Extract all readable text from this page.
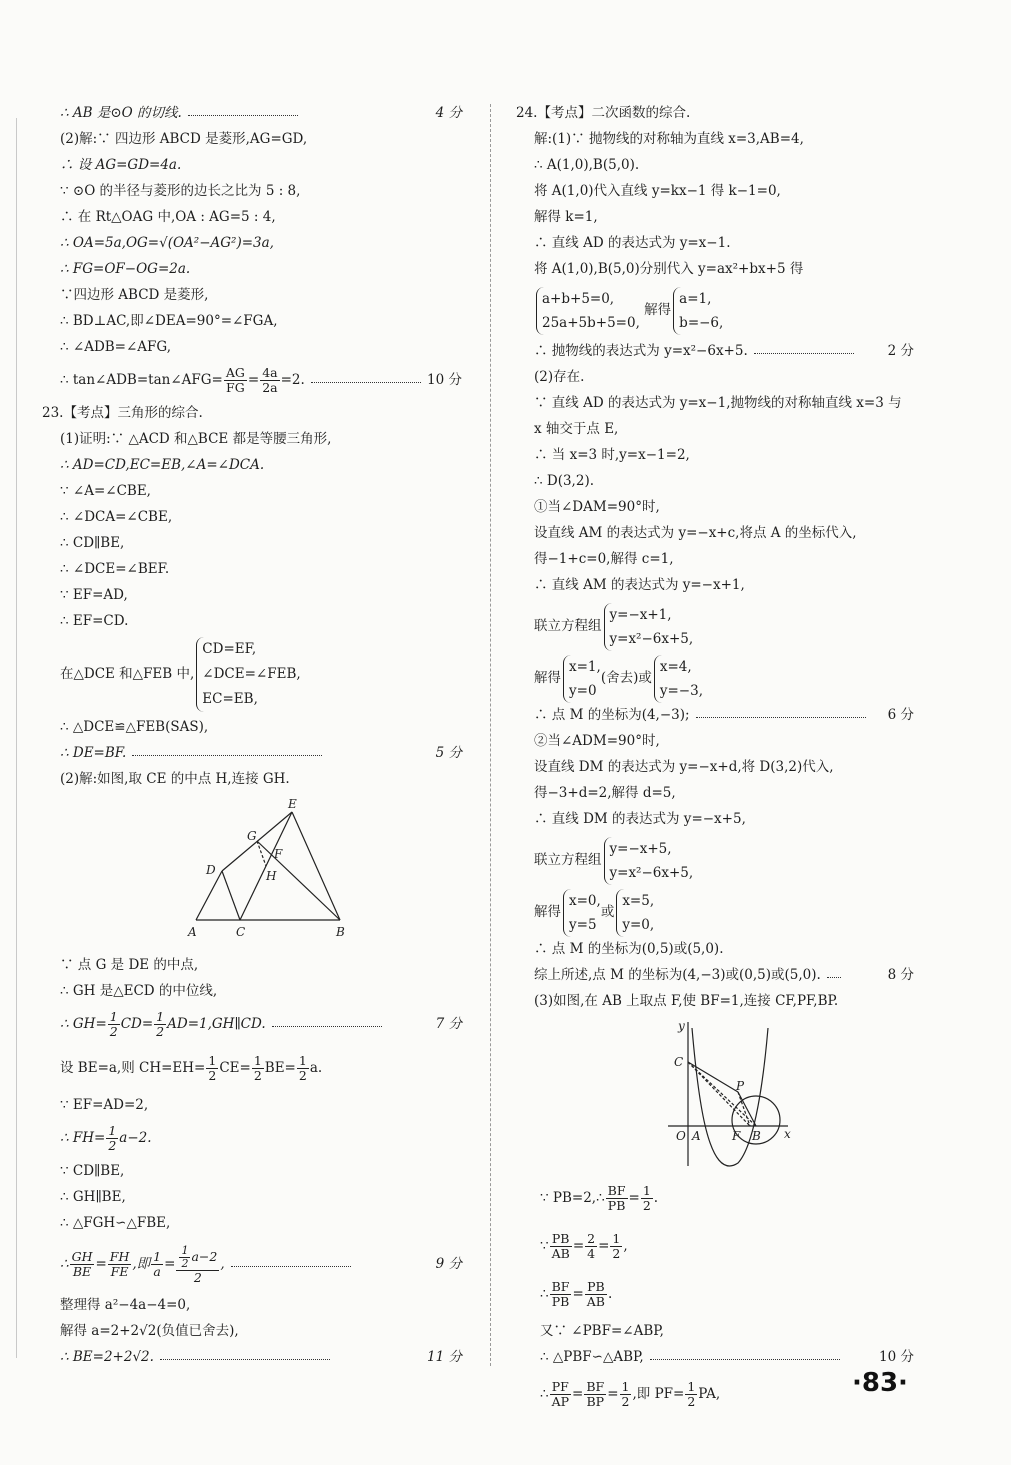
∴ AB 是⊙O 的切线.	4 分
(2)解:∵ 四边形 ABCD 是菱形,AG=GD,
∴ 设 AG=GD=4a.
∵ ⊙O 的半径与菱形的边长之比为 5 : 8,
∴ 在 Rt△OAG 中,OA : AG=5 : 4,
∴ OA=5a,OG=√(OA²−AG²)=3a,
∴ FG=OF−OG=2a.
∵四边形 ABCD 是菱形,
∴ BD⊥AC,即∠DEA=90°=∠FGA,
∴ ∠ADB=∠AFG,
∴ tan∠ADB=tan∠AFG= $\frac{AG}{FG} = \frac{4a}{2a} =2$.	10 分
23.【考点】三角形的综合.
(1)证明:∵ △ACD 和△BCE 都是等腰三角形,
∴ AD=CD,EC=EB,∠A=∠DCA.
∵ ∠A=∠CBE,
∴ ∠DCA=∠CBE,
∴ CD∥BE,
∴ ∠DCE=∠BEF.
∵ EF=AD,
∴ EF=CD.
在△DCE 和△FEB 中,
CD=EF,
∠DCE=∠FEB,
EC=EB,
∴ △DCE≌△FEB(SAS),
∴ DE=BF.	5 分
(2)解:如图,取 CE 的中点 H,连接 GH.
E
G
F
D	H
A	C	B
∵ 点 G 是 DE 的中点,
∴ GH 是△ECD 的中位线,
∴ $GH= \frac{1}{2} CD= \frac{1}{2}$ AD=1,GH∥CD.	7 分
设 BE=a,则 $CH=EH= \frac{1}{2} CE= \frac{1}{2} BE= \frac{1}{2} a$.
∵ EF=AD=2,
∴ $FH= \frac{1}{2} a-2$.
∵ CD∥BE,
∴ GH∥BE,
∴ △FGH∽△FBE,
∴ $\frac{GH}{BE} = \frac{FH}{FE}$ ,即 $\frac{1}{a} = \frac{\frac{1}{2} a-2}{2}$ ,	9 分
整理得 a²−4a−4=0,
解得 a=2+2√2(负值已舍去),
∴ BE=2+2√2.	11 分
24.【考点】二次函数的综合.
解:(1)∵ 抛物线的对称轴为直线 x=3,AB=4,
∴ A(1,0),B(5,0).
将 A(1,0)代入直线 y=kx−1 得 k−1=0,
解得 k=1,
∴ 直线 AD 的表达式为 y=x−1.
将 A(1,0),B(5,0)分别代入 y=ax²+bx+5 得
a+b+5=0,
25a+5b+5=0,
解得
a=1,
b=−6,
∴ 抛物线的表达式为 y=x²−6x+5.	2 分
(2)存在.
∵ 直线 AD 的表达式为 y=x−1,抛物线的对称轴直线 x=3 与
x 轴交于点 E,
∴ 当 x=3 时,y=x−1=2,
∴ D(3,2).
①当∠DAM=90°时,
设直线 AM 的表达式为 y=−x+c,将点 A 的坐标代入,
得−1+c=0,解得 c=1,
∴ 直线 AM 的表达式为 y=−x+1,
联立方程组
y=−x+1,
y=x²−6x+5,
解得
x=1,
y=0
(舍去)或
x=4,
y=−3,
∴ 点 M 的坐标为(4,−3);	6 分
②当∠ADM=90°时,
设直线 DM 的表达式为 y=−x+d,将 D(3,2)代入,
得−3+d=2,解得 d=5,
∴ 直线 DM 的表达式为 y=−x+5,
联立方程组
y=−x+5,
y=x²−6x+5,
解得
x=0,
y=5
或
x=5,
y=0,
∴ 点 M 的坐标为(0,5)或(5,0).
综上所述,点 M 的坐标为(4,−3)或(0,5)或(5,0).	8 分
(3)如图,在 AB 上取点 F,使 BF=1,连接 CF,PF,BP.
y
C
P
O A	F B x
∵ PB=2,∴ $\frac{BF}{PB} = \frac{1}{2}$ .
∵ $\frac{PB}{AB} = \frac{2}{4} = \frac{1}{2}$ ,
∴ $\frac{BF}{PB} = \frac{PB}{AB}$ .
又∵ ∠PBF=∠ABP,
∴ △PBF∽△ABP,	10 分
∴ $\frac{PF}{AP} = \frac{BF}{BP} = \frac{1}{2}$ ,即 $PF= \frac{1}{2}$ PA,	·83·
